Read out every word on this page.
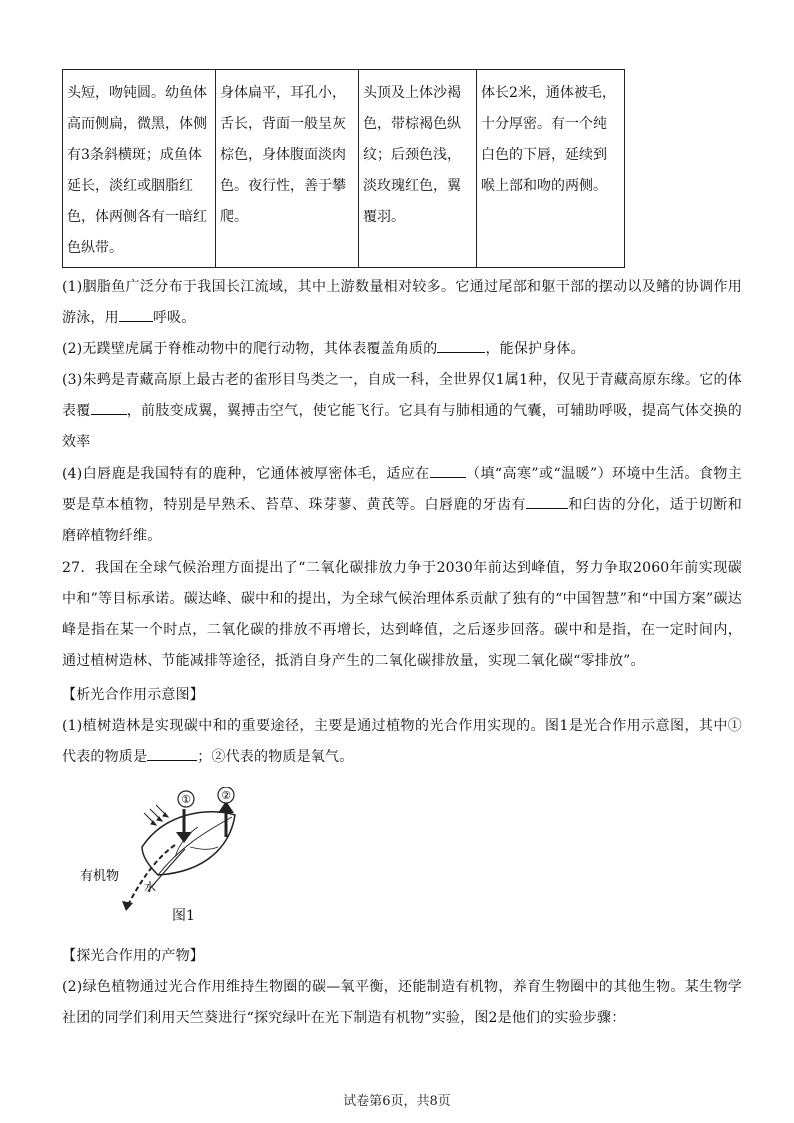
头短，吻钝圆。幼鱼体高而侧扁，微黑，体侧有3条斜横斑；成鱼体延长，淡红或胭脂红色，体两侧各有一暗红色纵带。	身体扁平，耳孔小，舌长，背面一般呈灰棕色，身体腹面淡肉色。夜行性，善于攀爬。	头顶及上体沙褐色，带棕褐色纵纹；后颈色浅，淡玫瑰红色，翼覆羽。	体长2米，通体被毛，十分厚密。有一个纯白色的下唇，延续到喉上部和吻的两侧。
(1)胭脂鱼广泛分布于我国长江流域，其中上游数量相对较多。它通过尾部和躯干部的摆动以及鳍的协调作用游泳，用 呼吸。
(2)无蹼壁虎属于脊椎动物中的爬行动物，其体表覆盖角质的	，能保护身体。
(3)朱鹀是青藏高原上最古老的雀形目鸟类之一，自成一科，全世界仅1属1种，仅见于青藏高原东缘。它的体表覆	，前肢变成翼，翼搏击空气，使它能飞行。它具有与肺相通的气囊，可辅助呼吸，提高气体交换的效率
(4)白唇鹿是我国特有的鹿种，它通体被厚密体毛，适应在	（填“高寒”或“温暖”）环境中生活。食物主要是草本植物，特别是早熟禾、苔草、珠芽蓼、黄芪等。白唇鹿的牙齿有	和臼齿的分化，适于切断和磨碎植物纤维。
27．我国在全球气候治理方面提出了“二氧化碳排放力争于2030年前达到峰值，努力争取2060年前实现碳中和”等目标承诺。碳达峰、碳中和的提出，为全球气候治理体系贡献了独有的“中国智慧”和“中国方案”碳达峰是指在某一个时点，二氧化碳的排放不再增长，达到峰值，之后逐步回落。碳中和是指，在一定时间内，通过植树造林、节能减排等途径，抵消自身产生的二氧化碳排放量，实现二氧化碳“零排放”。
【析光合作用示意图】
(1)植树造林是实现碳中和的重要途径，主要是通过植物的光合作用实现的。图1是光合作用示意图，其中①代表的物质是	；②代表的物质是氧气。
①	②
有机物
水
图1
【探光合作用的产物】
(2)绿色植物通过光合作用维持生物圈的碳—氧平衡，还能制造有机物，养育生物圈中的其他生物。某生物学社团的同学们利用天竺葵进行“探究绿叶在光下制造有机物”实验，图2是他们的实验步骤：
试卷第6页，共8页
